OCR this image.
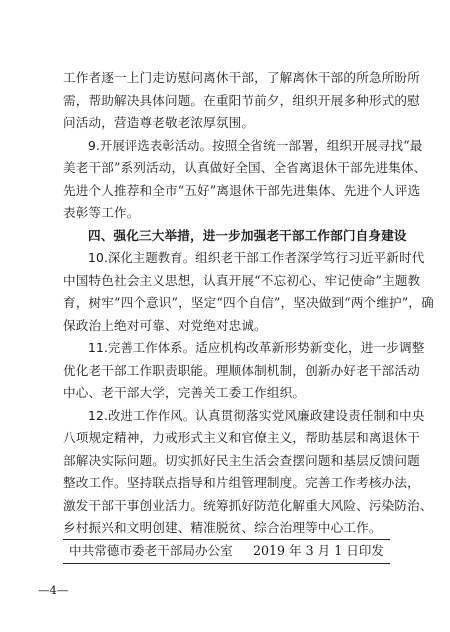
工作者逐一上门走访慰问离休干部，了解离休干部的所急所盼所
需，帮助解决具体问题。在重阳节前夕，组织开展多种形式的慰
问活动，营造尊老敬老浓厚氛围。
9.开展评选表彰活动。按照全省统一部署，组织开展寻找“最
美老干部”系列活动，认真做好全国、全省离退休干部先进集体、
先进个人推荐和全市“五好”离退休干部先进集体、先进个人评选
表彰等工作。
四、强化三大举措，进一步加强老干部工作部门自身建设
10.深化主题教育。组织老干部工作者深学笃行习近平新时代
中国特色社会主义思想，认真开展“不忘初心、牢记使命”主题教
育，树牢“四个意识”，坚定“四个自信”，坚决做到“两个维护”，确
保政治上绝对可靠、对党绝对忠诚。
11.完善工作体系。适应机构改革新形势新变化，进一步调整
优化老干部工作职责职能。理顺体制机制，创新办好老干部活动
中心、老干部大学，完善关工委工作组织。
12.改进工作作风。认真贯彻落实党风廉政建设责任制和中央
八项规定精神，力戒形式主义和官僚主义，帮助基层和离退休干
部解决实际问题。切实抓好民主生活会查摆问题和基层反馈问题
整改工作。坚持联点指导和片组管理制度。完善工作考核办法，
激发干部干事创业活力。统筹抓好防范化解重大风险、污染防治、
乡村振兴和文明创建、精准脱贫、综合治理等中心工作。
中共常德市委老干部局办公室 2019 年 3 月 1 日印发
—4—
